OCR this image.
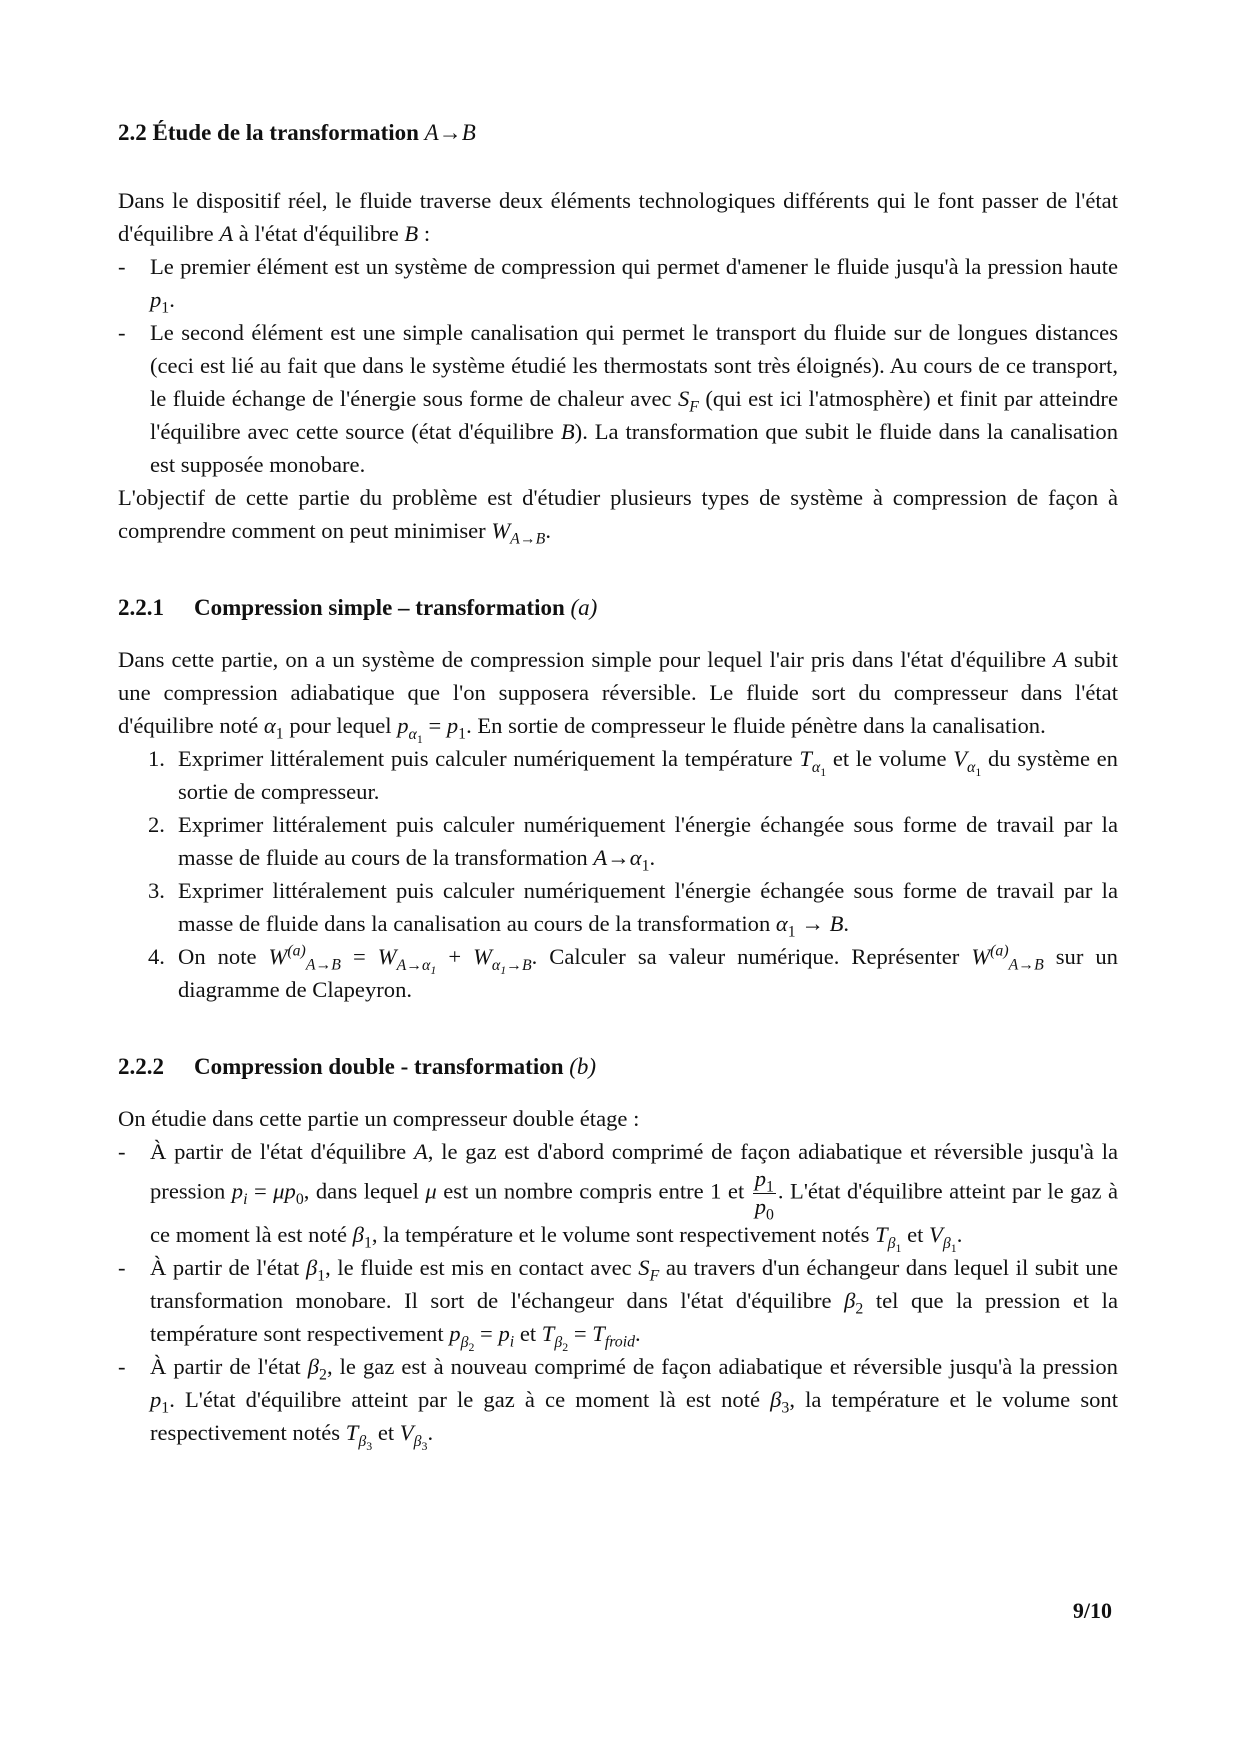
2.2 Étude de la transformation A→B

Dans le dispositif réel, le fluide traverse deux éléments technologiques différents qui le font passer de l'état d'équilibre A à l'état d'équilibre B :

- Le premier élément est un système de compression qui permet d'amener le fluide jusqu'à la pression haute $p_1$.
- Le second élément est une simple canalisation qui permet le transport du fluide sur de longues distances (ceci est lié au fait que dans le système étudié les thermostats sont très éloignés). Au cours de ce transport, le fluide échange de l'énergie sous forme de chaleur avec $S_F$ (qui est ici l'atmosphère) et finit par atteindre l'équilibre avec cette source (état d'équilibre B). La transformation que subit le fluide dans la canalisation est supposée monobare.

L'objectif de cette partie du problème est d'étudier plusieurs types de système à compression de façon à comprendre comment on peut minimiser $W_{A\to B}$.

2.2.1 Compression simple – transformation (a)

Dans cette partie, on a un système de compression simple pour lequel l'air pris dans l'état d'équilibre A subit une compression adiabatique que l'on supposera réversible. Le fluide sort du compresseur dans l'état d'équilibre noté $\alpha_1$ pour lequel $p_{\alpha_1} = p_1$. En sortie de compresseur le fluide pénètre dans la canalisation.

1. Exprimer littéralement puis calculer numériquement la température $T_{\alpha_1}$ et le volume $V_{\alpha_1}$ du système en sortie de compresseur.
2. Exprimer littéralement puis calculer numériquement l'énergie échangée sous forme de travail par la masse de fluide au cours de la transformation $A\to\alpha_1$.
3. Exprimer littéralement puis calculer numériquement l'énergie échangée sous forme de travail par la masse de fluide dans la canalisation au cours de la transformation $\alpha_1 \to B$.
4. On note $W^{(a)}_{A\to B} = W_{A\to\alpha_1} + W_{\alpha_1\to B}$. Calculer sa valeur numérique. Représenter $W^{(a)}_{A\to B}$ sur un diagramme de Clapeyron.
2.2.2 Compression double - transformation (b)

On étudie dans cette partie un compresseur double étage :

- À partir de l'état d'équilibre A, le gaz est d'abord comprimé de façon adiabatique et réversible jusqu'à la pression $p_i = \mu p_0$, dans lequel μ est un nombre compris entre 1 et $\frac{p_1}{p_0}$ . L'état d'équilibre atteint par le gaz à ce moment là est noté $\beta_1$, la température et le volume sont respectivement notés $T_{\beta_1}$ et $V_{\beta_1}$.
- À partir de l'état $\beta_1$, le fluide est mis en contact avec $S_F$ au travers d'un échangeur dans lequel il subit une transformation monobare. Il sort de l'échangeur dans l'état d'équilibre $\beta_2$ tel que la pression et la température sont respectivement $p_{\beta_2} = p_i$ et $T_{\beta_2} = T_{froid}$.
- À partir de l'état $\beta_2$, le gaz est à nouveau comprimé de façon adiabatique et réversible jusqu'à la pression $p_1$. L'état d'équilibre atteint par le gaz à ce moment là est noté $\beta_3$, la température et le volume sont respectivement notés $T_{\beta_3}$ et $V_{\beta_3}$.
9/10
